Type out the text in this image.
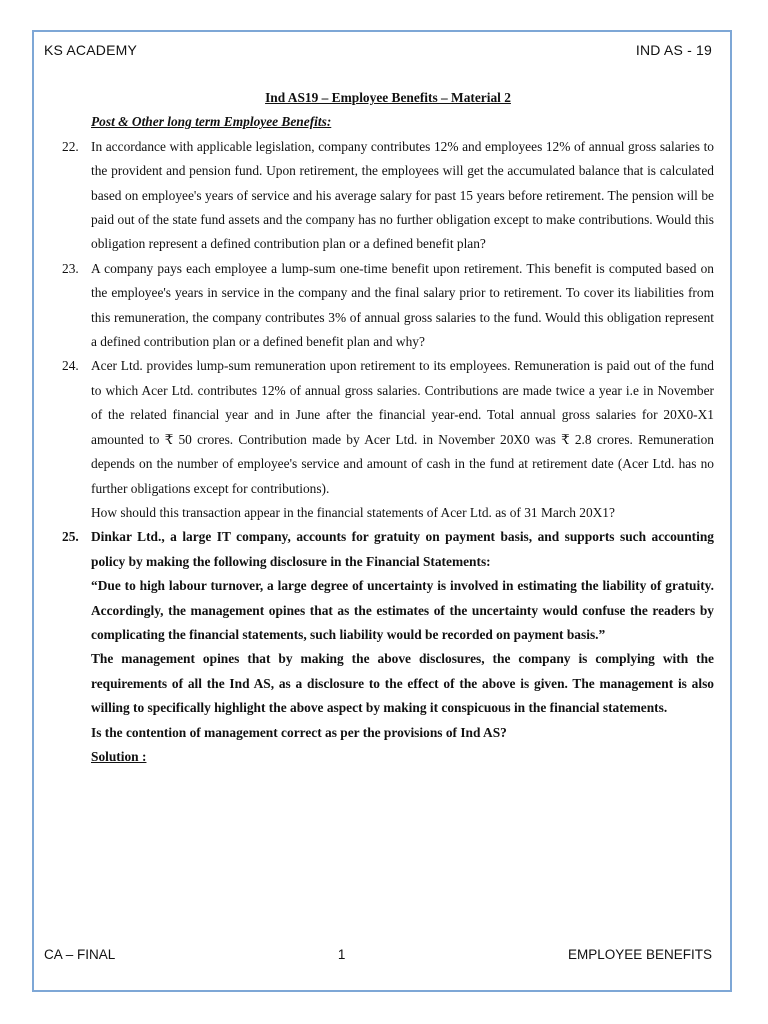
KS ACADEMY	IND AS - 19
Ind AS19 – Employee Benefits – Material 2
Post & Other long term Employee Benefits:
22. In accordance with applicable legislation, company contributes 12% and employees 12% of annual gross salaries to the provident and pension fund. Upon retirement, the employees will get the accumulated balance that is calculated based on employee's years of service and his average salary for past 15 years before retirement. The pension will be paid out of the state fund assets and the company has no further obligation except to make contributions. Would this obligation represent a defined contribution plan or a defined benefit plan?

23. A company pays each employee a lump-sum one-time benefit upon retirement. This benefit is computed based on the employee's years in service in the company and the final salary prior to retirement. To cover its liabilities from this remuneration, the company contributes 3% of annual gross salaries to the fund. Would this obligation represent a defined contribution plan or a defined benefit plan and why?

24. Acer Ltd. provides lump-sum remuneration upon retirement to its employees. Remuneration is paid out of the fund to which Acer Ltd. contributes 12% of annual gross salaries. Contributions are made twice a year i.e in November of the related financial year and in June after the financial year-end. Total annual gross salaries for 20X0-X1 amounted to ₹ 50 crores. Contribution made by Acer Ltd. in November 20X0 was ₹ 2.8 crores. Remuneration depends on the number of employee's service and amount of cash in the fund at retirement date (Acer Ltd. has no further obligations except for contributions).

How should this transaction appear in the financial statements of Acer Ltd. as of 31 March 20X1?

25. Dinkar Ltd., a large IT company, accounts for gratuity on payment basis, and supports such accounting policy by making the following disclosure in the Financial Statements:

“Due to high labour turnover, a large degree of uncertainty is involved in estimating the liability of gratuity. Accordingly, the management opines that as the estimates of the uncertainty would confuse the readers by complicating the financial statements, such liability would be recorded on payment basis.”

The management opines that by making the above disclosures, the company is complying with the requirements of all the Ind AS, as a disclosure to the effect of the above is given. The management is also willing to specifically highlight the above aspect by making it conspicuous in the financial statements.

Is the contention of management correct as per the provisions of Ind AS?

Solution :

CA – FINAL	1	EMPLOYEE BENEFITS
